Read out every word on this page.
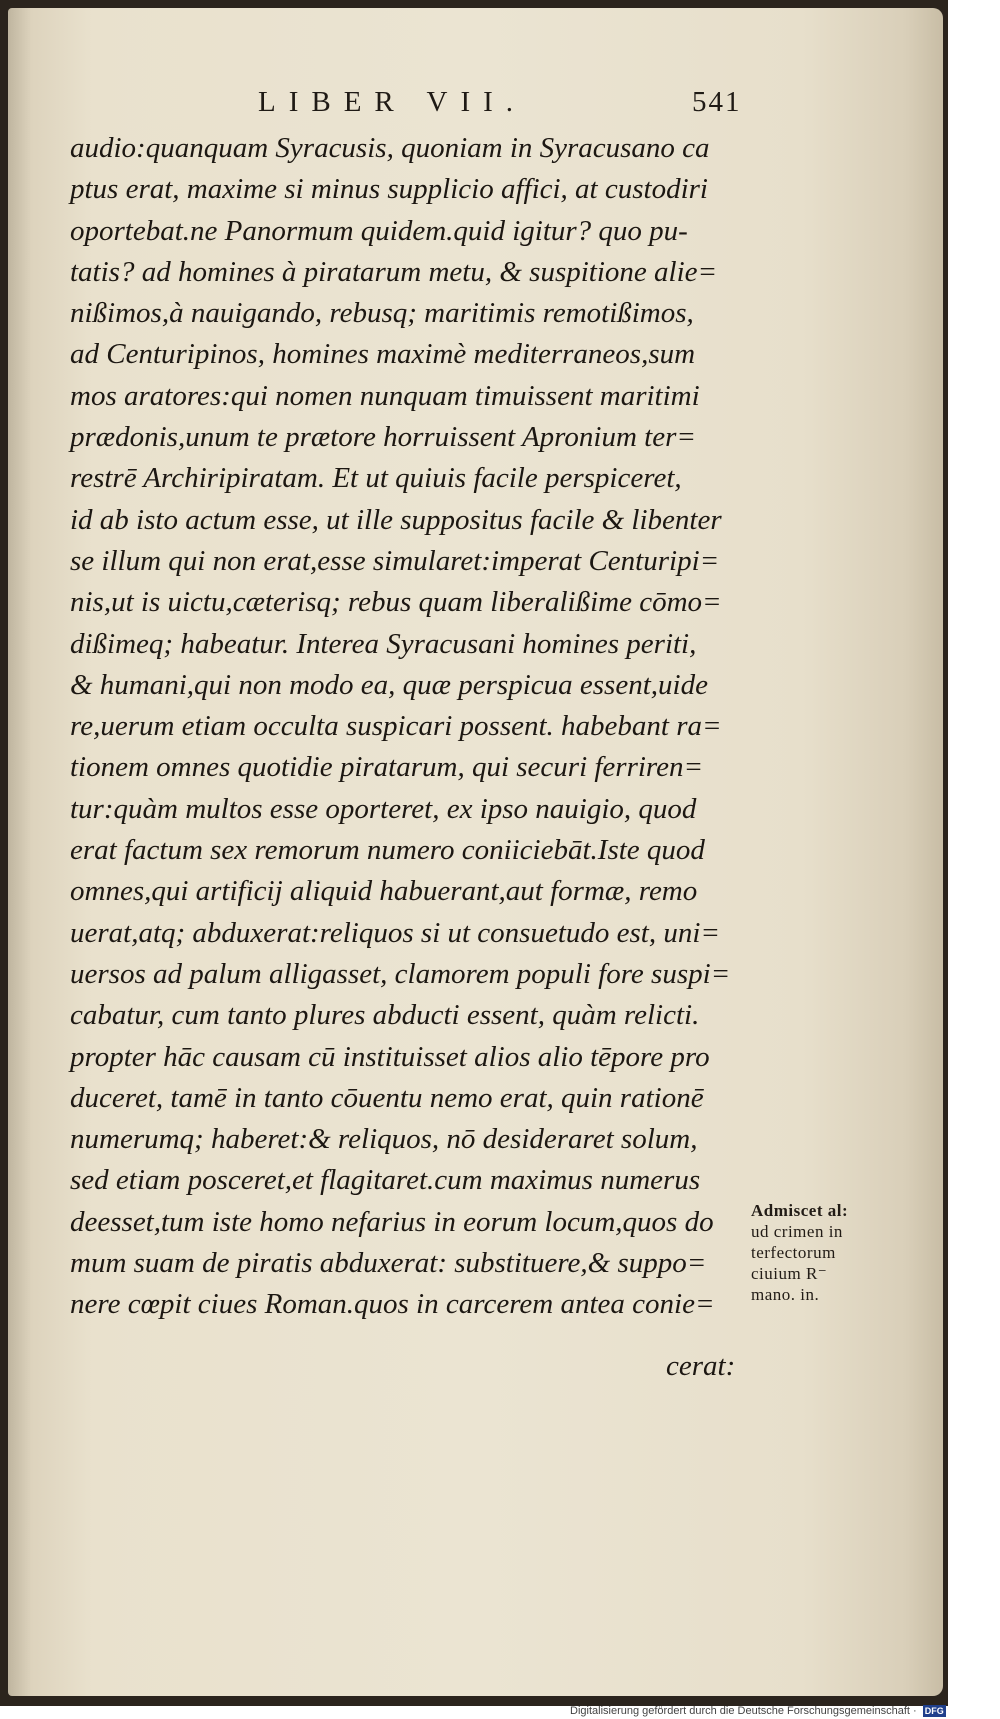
LIBER VII.	541
audio:quanquam Syracusis, quoniam in Syracusano ca
ptus erat, maxime si minus supplicio affici, at custodiri
oportebat.ne Panormum quidem.quid igitur? quo pu-
tatis? ad homines à piratarum metu, & suspitione alie=
nißimos,à nauigando, rebusq; maritimis remotißimos,
ad Centuripinos, homines maximè mediterraneos,sum
mos aratores:qui nomen nunquam timuissent maritimi
prædonis,unum te prætore horruissent Apronium ter=
restrē Archiripiratam. Et ut quiuis facile perspiceret,
id ab isto actum esse, ut ille suppositus facile & libenter
se illum qui non erat,esse simularet:imperat Centuripi=
nis,ut is uictu,cæterisq; rebus quam liberalißime cōmo=
dißimeq; habeatur. Interea Syracusani homines periti,
& humani,qui non modo ea, quæ perspicua essent,uide
re,uerum etiam occulta suspicari possent. habebant ra=
tionem omnes quotidie piratarum, qui securi ferriren=
tur:quàm multos esse oporteret, ex ipso nauigio, quod
erat factum sex remorum numero coniiciebāt.Iste quod
omnes,qui artificij aliquid habuerant,aut formæ, remo
uerat,atq; abduxerat:reliquos si ut consuetudo est, uni=
uersos ad palum alligasset, clamorem populi fore suspi=
cabatur, cum tanto plures abducti essent, quàm relicti.
propter hāc causam cū instituisset alios alio tēpore pro
duceret, tamē in tanto cōuentu nemo erat, quin rationē
numerumq; haberet:& reliquos, nō desideraret solum,
sed etiam posceret,et flagitaret.cum maximus numerus
deesset,tum iste homo nefarius in eorum locum,quos do
mum suam de piratis abduxerat: substituere,& suppo=
nere cœpit ciues Roman.quos in carcerem antea conie=
cerat:
Admiscet al:
ud crimen in
terfectorum
ciuium R⁻
mano. in.
Digitalisierung gefördert durch die Deutsche Forschungsgemeinschaft · DFG
